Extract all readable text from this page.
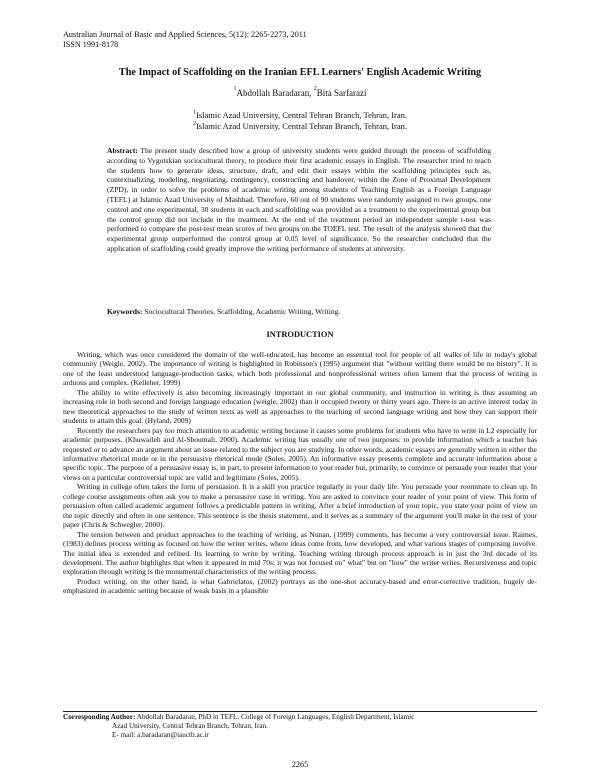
Australian Journal of Basic and Applied Sciences, 5(12): 2265-2273, 2011
ISSN 1991-8178
The Impact of Scaffolding on the Iranian EFL Learners' English Academic Writing
$^1$Abdollah Baradaran, $^2$Bita Sarfarazi
$^1$Islamic Azad University, Central Tehran Branch, Tehran, Iran.
$^2$Islamic Azad University, Central Tehran Branch, Tehran, Iran.
Abstract: The present study described how a group of university students were guided through the process of scaffolding according to Vygotskian sociocultural theory, to produce their first academic essays in English. The researcher tried to teach the students how to generate ideas, structure, draft, and edit their essays within the scaffolding principles such as, contextualizing, modeling, negotiating, contingency, constructing and handover, within the Zone of Proximal Development (ZPD), in order to solve the problems of academic writing among students of Teaching English as a Foreign Language (TEFL) at Islamic Azad University of Mashhad. Therefore, 60 out of 90 students were randomly assigned to two groups, one control and one experimental, 30 students in each and scaffolding was provided as a treatment to the experimental group but the control group did not include in the treatment. At the end of the treatment period an independent sample t-test was performed to compare the post-test mean scores of two groups on the TOEFL test. The result of the analysis showed that the experimental group outperformed the control group at 0.05 level of significance. So the researcher concluded that the application of scaffolding could greatly improve the writing performance of students at university.
Keywords: Sociocultural Theories, Scaffolding, Academic Writing, Writing.
INTRODUCTION

Writing, which was once considered the domain of the well-educated, has become an essential tool for people of all walks of life in today's global community (Weigle, 2002). The importance of writing is highlighted in Robinson's (1995) argument that "without writing there would be no history". It is one of the least understood language-production tasks, which both professional and nonprofessional writers often lament that the process of writing is arduous and complex. (Kelleher, 1999)

The ability to write effectively is also becoming increasingly important in our global community, and instruction in writing is thus assuming an increasing role in both second and foreign language education (weigle, 2002) than it occupied twenty or thirty years ago. There is an active interest today in new theoretical approaches to the study of written texts as well as approaches to the teaching of second language writing and how they can support their students to attain this goal. (Hyland, 2009)

Recently the researchers pay too much attention to academic writing because it causes some problems for students who have to write in L2 especially for academic purposes. (Khuwaileh and Al-Shoumali, 2000). Academic writing has usually one of two purposes: to provide information which a teacher has requested or to advance an argument about an issue related to the subject you are studying. In other words, academic essays are generally written in either the informative rhetorical mode or in the persuasive rhetorical mode (Soles, 2005). An informative essay presents complete and accurate information about a specific topic. The purpose of a persuasive essay is, in part, to present information to your reader but, primarily, to convince or persuade your reader that your views on a particular controversial topic are valid and legitimate (Soles, 2005).

Writing in college often takes the form of persuasion. It is a skill you practice regularly in your daily life. You persuade your roommate to clean up. In college course assignments often ask you to make a persuasive case in writing. You are asked to convince your reader of your point of view. This form of persuasion often called academic argument follows a predictable pattern in writing. After a brief introduction of your topic, you state your point of view on the topic directly and often in one sentence. This sentence is the thesis statement, and it serves as a summary of the argument you'll make in the rest of your paper (Chris & Schwegler, 2000).

The tension between and product approaches to the teaching of writing, as Nunan, (1999) comments, has become a very controversial issue. Raimes, (1983) defines process writing as focused on how the writer writes, where ideas come from, how developed, and what various stages of composing involve. The initial idea is extended and refined. Its learning to write by writing. Teaching writing through process approach is in just the 3rd decade of its development. The author highlights that when it appeared in mid 70s; it was not focused on" what" but on "how" the writer writes. Recursiveness and topic exploration through writing is the monumental characteristics of the writing process.

Product writing, on the other hand, is what Gabrielatos, (2002) portrays as the one-shot accuracy-based and error-corrective tradition, hugely de-emphasized in academic setting because of weak basis in a plausible

Corresponding Author: Abdollah Baradaran, PhD in TEFL, College of Foreign Languages, English Department, Islamic
Azad University, Central Tehran Branch, Tehran, Iran.
E- mail: a.baradaran@iauctb.ac.ir
2265
